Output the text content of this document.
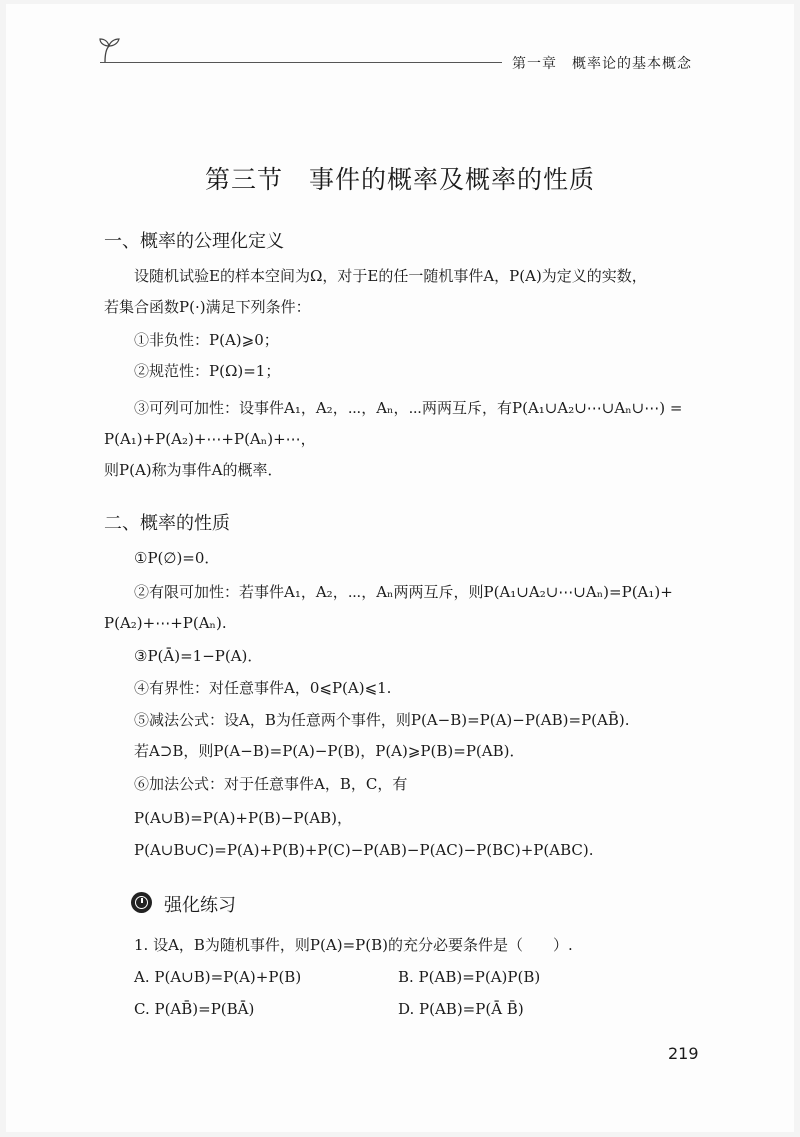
第一章　概率论的基本概念
第三节　事件的概率及概率的性质
一、概率的公理化定义
设随机试验E的样本空间为Ω，对于E的任一随机事件A，P(A)为定义的实数，
若集合函数P(·)满足下列条件：
①非负性：P(A)⩾0；
②规范性：P(Ω)=1；
③可列可加性：设事件A₁，A₂，⋯，Aₙ，⋯两两互斥，有P(A₁∪A₂∪⋯∪Aₙ∪⋯) =
P(A₁)+P(A₂)+⋯+P(Aₙ)+⋯，
则P(A)称为事件A的概率．
二、概率的性质
①P(∅)=0．
②有限可加性：若事件A₁，A₂，⋯，Aₙ两两互斥，则P(A₁∪A₂∪⋯∪Aₙ)=P(A₁)+
P(A₂)+⋯+P(Aₙ).
③P(Ā)=1−P(A)．
④有界性：对任意事件A，0⩽P(A)⩽1.
⑤减法公式：设A，B为任意两个事件，则P(A−B)=P(A)−P(AB)=P(AB̄).
若A⊃B，则P(A−B)=P(A)−P(B)，P(A)⩾P(B)=P(AB)．
⑥加法公式：对于任意事件A，B，C，有
P(A∪B)=P(A)+P(B)−P(AB)，
P(A∪B∪C)=P(A)+P(B)+P(C)−P(AB)−P(AC)−P(BC)+P(ABC).
强化练习
1. 设A，B为随机事件，则P(A)=P(B)的充分必要条件是（　　）.
A. P(A∪B)=P(A)+P(B)	B. P(AB)=P(A)P(B)
C. P(AB̄)=P(BĀ)	D. P(AB)=P(Ā B̄)
219
